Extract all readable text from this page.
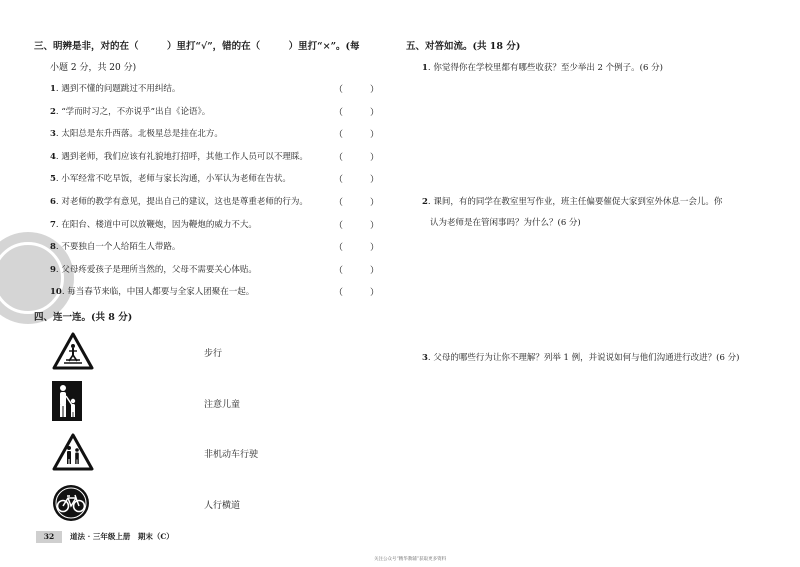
三、明辨是非，对的在（　　　）里打“√”，错的在（　　　）里打“×”。(每
小题 2 分，共 20 分)
1. 遇到不懂的问题跳过不用纠结。	（　　　）
2. “学而时习之，不亦说乎”出自《论语》。	（　　　）
3. 太阳总是东升西落。北极星总是挂在北方。	（　　　）
4. 遇到老师，我们应该有礼貌地打招呼，其他工作人员可以不理睬。	（　　　）
5. 小军经常不吃早饭，老师与家长沟通，小军认为老师在告状。	（　　　）
6. 对老师的教学有意见，提出自己的建议，这也是尊重老师的行为。	（　　　）
7. 在阳台、楼道中可以放鞭炮，因为鞭炮的威力不大。	（　　　）
8. 不要独自一个人给陌生人带路。	（　　　）
9. 父母疼爱孩子是理所当然的，父母不需要关心体贴。	（　　　）
10. 每当春节来临，中国人都要与全家人团聚在一起。	（　　　）
四、连一连。(共 8 分)
步行
注意儿童
非机动车行驶
人行横道
五、对答如流。(共 18 分)
1. 你觉得你在学校里都有哪些收获？至少举出 2 个例子。(6 分)
2. 课间，有的同学在教室里写作业，班主任偏要催促大家到室外休息一会儿。你
认为老师是在管闲事吗？为什么？(6 分)
3. 父母的哪些行为让你不理解？列举 1 例，并说说如何与他们沟通进行改进？(6 分)
32	道法 · 三年级上册　期末（C）
关注公众号“精华教辅”获取更多资料
